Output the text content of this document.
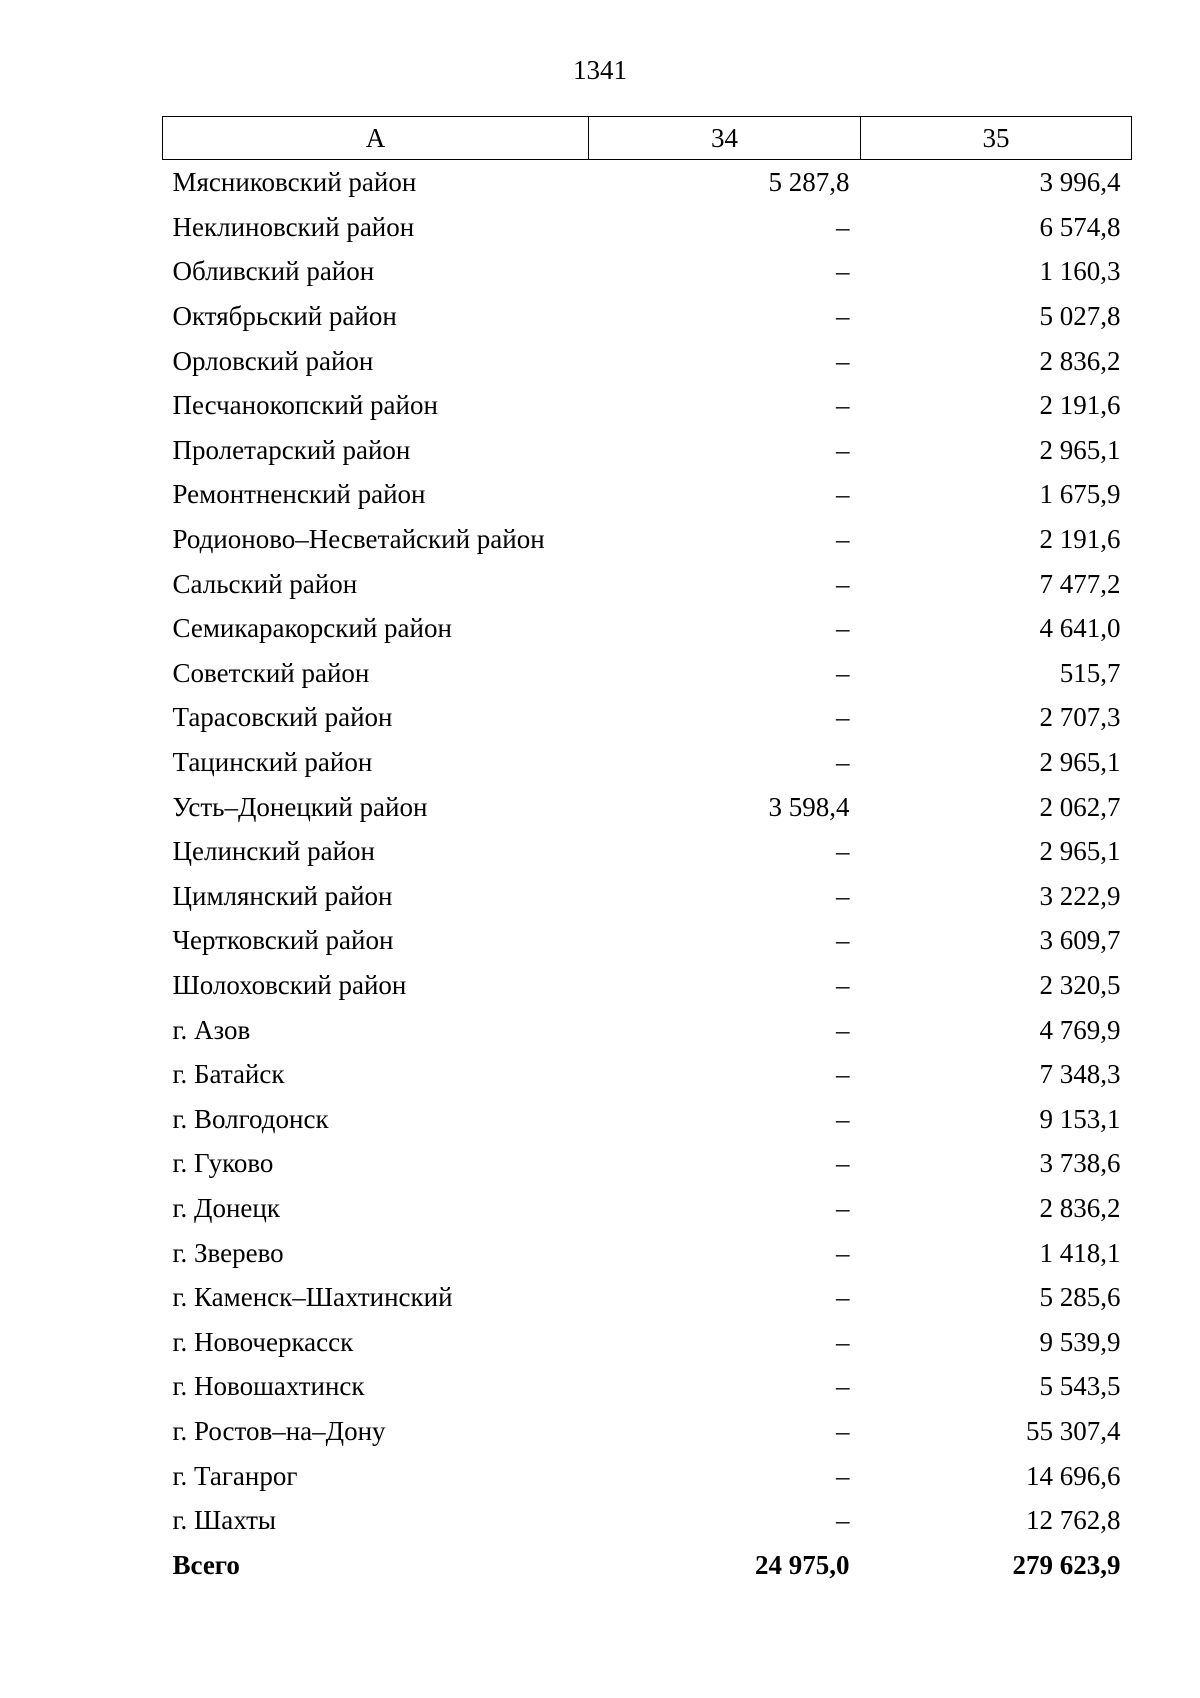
1341
А	34	35
Мясниковский район	5 287,8	3 996,4
Неклиновский район	–	6 574,8
Обливский район	–	1 160,3
Октябрьский район	–	5 027,8
Орловский район	–	2 836,2
Песчанокопский район	–	2 191,6
Пролетарский район	–	2 965,1
Ремонтненский район	–	1 675,9
Родионово–Несветайский район	–	2 191,6
Сальский район	–	7 477,2
Семикаракорский район	–	4 641,0
Советский район	–	515,7
Тарасовский район	–	2 707,3
Тацинский район	–	2 965,1
Усть–Донецкий район	3 598,4	2 062,7
Целинский район	–	2 965,1
Цимлянский район	–	3 222,9
Чертковский район	–	3 609,7
Шолоховский район	–	2 320,5
г. Азов	–	4 769,9
г. Батайск	–	7 348,3
г. Волгодонск	–	9 153,1
г. Гуково	–	3 738,6
г. Донецк	–	2 836,2
г. Зверево	–	1 418,1
г. Каменск–Шахтинский	–	5 285,6
г. Новочеркасск	–	9 539,9
г. Новошахтинск	–	5 543,5
г. Ростов–на–Дону	–	55 307,4
г. Таганрог	–	14 696,6
г. Шахты	–	12 762,8
Всего	24 975,0	279 623,9
